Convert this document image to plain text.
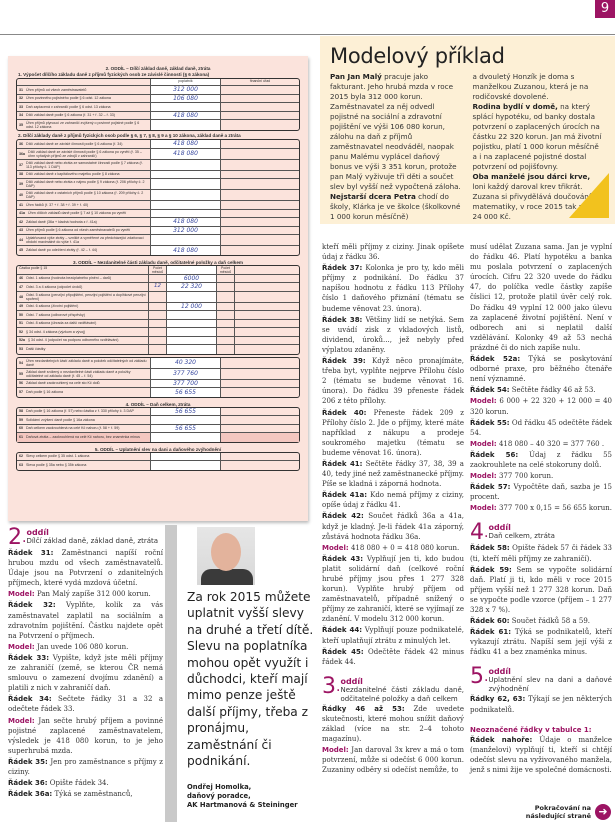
9
2. ODDÍL – Dílčí základ daně, základ daně, ztráta
1. Výpočet dílčího základu daně z příjmů fyzických osob ze závislé činnosti (§ 6 zákona)
poplatník	finanční úřad
31 Úhrn příjmů od všech zaměstnavatelů	312 000
32 Úhrn povinného pojistného podle § 6 odst. 12 zákona	106 080
33 Daň zaplacená v zahraničí podle § 6 odst. 13 zákona
34 Dílčí základ daně podle § 6 zákona (ř. 31 + ř. 32 – ř. 33)	418 080
35 Úhrn příjmů plynoucí ze zahraničí zvýšený o povinné pojistné podle § 6 odst. 12 zákona
2. Dílčí základy daně z příjmů fyzických osob podle § 6, § 7, § 8, § 9 a § 10 zákona, základ daně a ztráta
36 Dílčí základ daně ze závislé činnosti podle § 6 zákona (ř. 34)	418 080
36a Dílčí základ daně ze závislé činnosti podle § 6 zákona po vynětí (ř. 35 – úhrn vyňatých příjmů ze zdrojů v zahraničí)	418 080
37 Dílčí základ daně nebo ztráta ze samostatné činnosti podle § 7 zákona (ř. 113 přílohy č. 1 DAP)
38 Dílčí základ daně z kapitálového majetku podle § 8 zákona
39 Dílčí základ daně nebo ztráta z nájmu podle § 9 zákona (ř. 206 přílohy č. 2 DAP)
40 Dílčí základ daně z ostatních příjmů podle § 10 zákona (ř. 209 přílohy č. 2 DAP)
41 Úhrn řádků (ř. 37 + ř. 38 + ř. 39 + ř. 40)
41a Úhrn dílčích základů daně podle § 7 až § 10 zákona po vynětí
42 Základ daně (36a + kladná hodnota z ř. 41a)	418 080
43 Úhrn příjmů podle § 6 zákona od všech zaměstnavatelů po vynětí	312 000
44 Uplatňovaná výše ztráty – vzniklé a vyměřené za předcházející zdaňovací období maximálně do výše ř. 41a
45 Základ daně po odečtení ztráty (ř. 42 – ř. 44)	418 080
3. ODDÍL – Nezdanitelné části základu daně, odčitatelné položky a daň celkem
Částka podle § 15	Počet měsíců
Počet měsíců
46 Odst. 1 zákona (hodnota bezúplatného plnění – darů)	6000
47 Odst. 3 a 4 zákona (odpočet úroků)	12	22 320
48 Odst. 5 zákona (penzijní připojištění, penzijní pojištění a doplňkové penzijní spoření)
49 Odst. 6 zákona (životní pojištění)	12 000
50 Odst. 7 zákona (odborové příspěvky)
51 Odst. 8 zákona (úhrada za další vzdělávání)
52 § 34 odst. 4 zákona (výzkum a vývoj)
52a § 34 odst. 4 (odpočet na podporu odborného vzdělávání)
53 Další částky
54 Úhrn nezdanitelných částí základu daně a položek odčitatelných od základu daně	40 320
55 Základ daně snížený o nezdanitelné části základu daně a položky odčitatelné od základu daně (ř. 45 – ř. 54)	377 760
56 Základ daně zaokrouhlený na celé sto Kč dolů	377 700
57 Daň podle § 16 zákona	56 655
4. ODDÍL – Daň celkem, ztráta
58 Daň podle § 16 zákona (ř. 57) nebo částka z ř. 330 přílohy č. 3 DAP	56 655
59 Solidární zvýšení daně podle § 16a zákona
60 Daň celkem zaokrouhlená na celé Kč nahoru (ř. 58 + ř. 59)	56 655
61 Daňová ztráta – zaokrouhlená na celé Kč nahoru, bez znaménka minus
5. ODDÍL – Uplatnění slev na dani a daňového zvýhodnění
62 Slevy celkem podle § 35 odst. 1 zákona
63 Sleva podle § 35a nebo § 35b zákona
Modelový příklad
Pan Jan Malý pracuje jako fakturant. Jeho hrubá mzda v roce 2015 byla 312 000 korun. Zaměstnavatel za něj odvedl pojistné na sociální a zdravotní pojištění ve výši 106 080 korun, zálohu na daň z příjmů zaměstnavatel neodváděl, naopak panu Malému vyplácel daňový bonus ve výši 3 351 korun, protože pan Malý vyživuje tři děti a součet slev byl vyšší než vypočtená záloha.
Nejstarší dcera Petra chodí do školy, Klárka je ve školce (školkovné 1 000 korun měsíčně)
a dvouletý Honzík je doma s manželkou Zuzanou, která je na rodičovské dovolené.
Rodina bydlí v domě, na který splácí hypotéku, od banky dostala potvrzení o zaplacených úrocích na částku 22 320 korun. Jan má životní pojistku, platí 1 000 korun měsíčně a i na zaplacené pojistné dostal potvrzení od pojišťovny.
Oba manželé jsou dárci krve, loni každý daroval krev třikrát. Zuzana si přivydělává doučováním matematiky, v roce 2015 tak získala 24 000 Kč.
2 . oddíl
Dílčí základ daně, základ daně, ztráta

Řádek 31: Zaměstnanci napíší roční hrubou mzdu od všech zaměstnavatelů. Údaje jsou na Potvrzení o zdanitelných příjmech, které vydá mzdová účetní.

Model: Pan Malý zapíše 312 000 korun.

Řádek 32: Vyplňte, kolik za vás zaměstnavatel zaplatil na sociálním a zdravotním pojištění. Částku najdete opět na Potvrzení o příjmech.

Model: Jan uvede 106 080 korun.

Řádek 33: Vypište, když jste měli příjmy ze zahraničí (země, se kterou ČR nemá smlouvu o zamezení dvojímu zdanění) a platili z nich v zahraničí daň.

Řádek 34: Sečtete řádky 31 a 32 a odečtete řádek 33.

Model: Jan sečte hrubý příjem a povinné pojistné zaplacené zaměstnavatelem, výsledek je 418 080 korun, to je jeho superhrubá mzda.

Řádek 35: Jen pro zaměstnance s příjmy z ciziny.

Řádek 36: Opište řádek 34.

Řádek 36a: Týká se zaměstnanců,

Za rok 2015 můžete uplatnit vyšší slevy na druhé a třetí dítě. Slevu na poplatníka mohou opět využít i důchodci, kteří mají mimo penze ještě další příjmy, třeba z pronájmu, zaměstnání či podnikání.
Ondřej Homolka,
daňový poradce,
AK Hartmanová & Steininger

kteří měli příjmy z ciziny. Jinak opíšete údaj z řádku 36.

Řádek 37: Kolonka je pro ty, kdo měli příjmy z podnikání. Do řádku 37 napíšou hodnotu z řádku 113 Přílohy číslo 1 daňového přiznání (tématu se budeme věnovat 23. února).

Řádek 38: Většiny lidí se netýká. Sem se uvádí zisk z vkladových listů, dividend, úroků..., jež nebyly před výplatou zdaněny.

Řádek 39: Když něco pronajímáte, třeba byt, vyplňte nejprve Přílohu číslo 2 (tématu se budeme věnovat 16. února). Do řádku 39 přeneste řádek 206 z této přílohy.

Řádek 40: Přeneste řádek 209 z Přílohy číslo 2. Jde o příjmy, které máte například z nákupu a prodeje soukromého majetku (tématu se budeme věnovat 16. února).

Řádek 41: Sečtěte řádky 37, 38, 39 a 40, tedy jiné než zaměstnanecké příjmy. Píše se kladná i záporná hodnota.

Řádek 41a: Kdo nemá příjmy z ciziny, opíše údaj z řádku 41.

Řádek 42: Součet řádků 36a a 41a, když je kladný. Je-li řádek 41a záporný, zůstává hodnota řádku 36a.

Model: 418 080 + 0 = 418 080 korun.

Řádek 43: Vyplňují jen ti, kdo budou platit solidární daň (celkové roční hrubé příjmy jsou přes 1 277 328 korun). Vyplňte hrubý příjem od zaměstnavatelů, případně snížený o příjmy ze zahraničí, které se vyjímají ze zdanění. V modelu 312 000 korun.

Řádek 44: Vyplňují pouze podnikatelé, kteří uplatňují ztrátu z minulých let.

Řádek 45: Odečtěte řádek 42 minus řádek 44.

3 . oddíl
Nezdanitelné části základu daně, odčitatelné položky a daň celkem

Řádky 46 až 53: Zde uvedete skutečnosti, které mohou snížit daňový základ (více na str. 2–4 tohoto magazínu).

Model: Jan daroval 3x krev a má o tom potvrzení, může si odečíst 6 000 korun. Zuzaniny odběry si odečíst nemůže, to

musí udělat Zuzana sama. Jan je vyplní do řádku 46. Platí hypotéku a banka mu poslala potvrzení o zaplacených úrocích. Cifru 22 320 uvede do řádku 47, do políčka vedle částky zapíše číslici 12, protože platil úvěr celý rok. Do řádku 49 vyplní 12 000 jako úlevu za zaplacené životní pojištění. Není v odborech ani si neplatil další vzdělávání. Kolonky 49 až 53 nechá prázdné či do nich zapíše nulu.

Řádek 52a: Týká se poskytování odborné praxe, pro běžného čtenáře není významné.

Řádek 54: Sečtěte řádky 46 až 53.

Model: 6 000 + 22 320 + 12 000 = 40 320 korun.

Řádek 55: Od řádku 45 odečtěte řádek 54.

Model: 418 080 – 40 320 = 377 760 .

Řádek 56: Údaj z řádku 55 zaokrouhlete na celé stokoruny dolů.

Model: 377 700 korun.

Řádek 57: Vypočtěte daň, sazba je 15 procent.

Model: 377 700 x 0,15 = 56 655 korun.

4 . oddíl
Daň celkem, ztráta

Řádek 58: Opište řádek 57 či řádek 33 (ti, kteří měli příjmy ze zahraničí).

Řádek 59: Sem se vypočte solidární daň. Platí ji ti, kdo měli v roce 2015 příjem vyšší než 1 277 328 korun. Daň se vypočte podle vzorce (příjem – 1 277 328 x 7 %).

Řádek 60: Součet řádků 58 a 59.

Řádek 61: Týká se podnikatelů, kteří vykazují ztrátu. Napíší sem její výši z řádku 41 a bez znaménka minus.

5 . oddíl
Uplatnění slev na dani a daňové zvýhodnění

Řádky 62, 63: Týkají se jen některých podnikatelů.

Neoznačené řádky v tabulce 1:

Řádek nahoře: Údaje o manželce (manželovi) vyplňují ti, kteří si chtějí odečíst slevu na vyživovaného manžela, jenž s nimi žije ve společné domácnosti.

Pokračování na následující straně ➜
